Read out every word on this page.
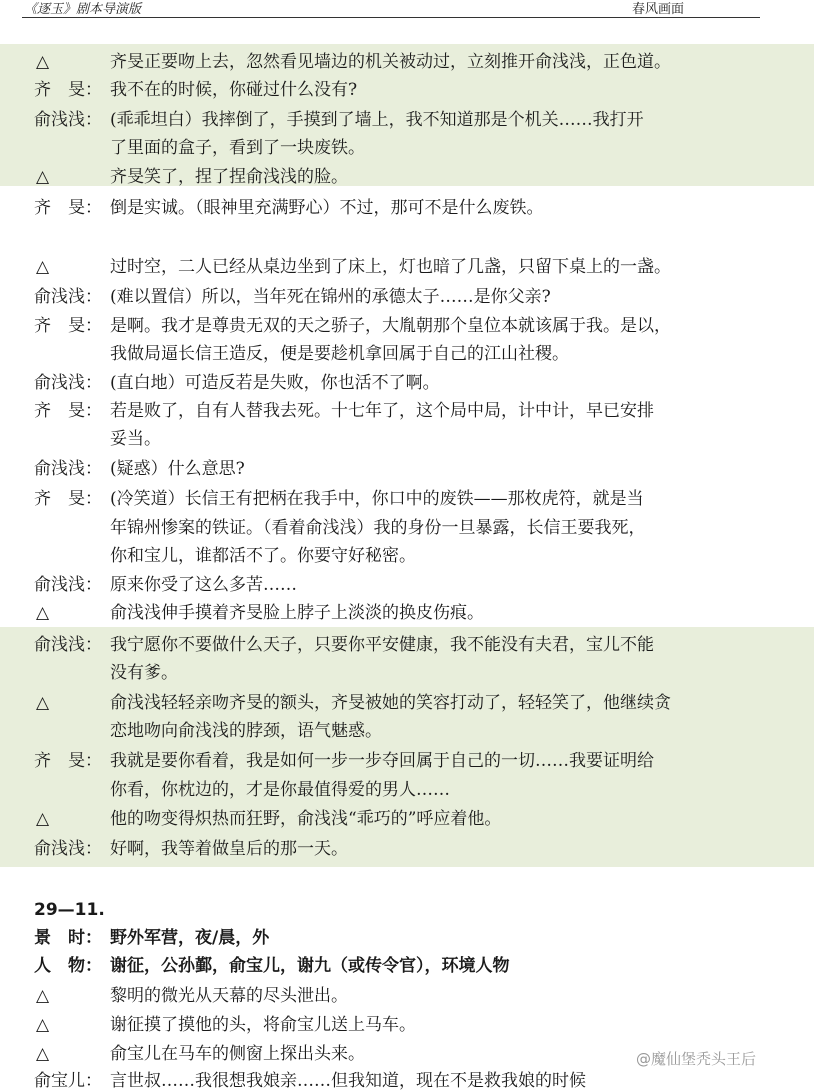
《逐玉》剧本导演版	春风画面
△	齐旻正要吻上去，忽然看见墙边的机关被动过，立刻推开俞浅浅，正色道。
齐　旻： 我不在的时候，你碰过什么没有?
俞浅浅： (乖乖坦白）我摔倒了，手摸到了墙上，我不知道那是个机关……我打开
了里面的盒子，看到了一块废铁。
△	齐旻笑了，捏了捏俞浅浅的脸。
齐　旻： 倒是实诚。（眼神里充满野心）不过，那可不是什么废铁。
△	过时空，二人已经从桌边坐到了床上，灯也暗了几盏，只留下桌上的一盏。
俞浅浅： (难以置信）所以，当年死在锦州的承德太子……是你父亲?
齐　旻： 是啊。我才是尊贵无双的天之骄子，大胤朝那个皇位本就该属于我。是以，
我做局逼长信王造反，便是要趁机拿回属于自己的江山社稷。
俞浅浅： (直白地）可造反若是失败，你也活不了啊。
齐　旻： 若是败了，自有人替我去死。十七年了，这个局中局，计中计，早已安排
妥当。
俞浅浅： (疑惑）什么意思?
齐　旻： (冷笑道）长信王有把柄在我手中，你口中的废铁——那枚虎符，就是当
年锦州惨案的铁证。（看着俞浅浅）我的身份一旦暴露，长信王要我死，
你和宝儿，谁都活不了。你要守好秘密。
俞浅浅： 原来你受了这么多苦……
△	俞浅浅伸手摸着齐旻脸上脖子上淡淡的换皮伤痕。
俞浅浅： 我宁愿你不要做什么天子，只要你平安健康，我不能没有夫君，宝儿不能
没有爹。
△	俞浅浅轻轻亲吻齐旻的额头，齐旻被她的笑容打动了，轻轻笑了，他继续贪
恋地吻向俞浅浅的脖颈，语气魅惑。
齐　旻： 我就是要你看着，我是如何一步一步夺回属于自己的一切……我要证明给
你看，你枕边的，才是你最值得爱的男人……
△	他的吻变得炽热而狂野，俞浅浅“乖巧的”呼应着他。
俞浅浅： 好啊，我等着做皇后的那一天。
29—11.
景　时： 野外军营，夜/晨，外
人　物： 谢征，公孙鄞，俞宝儿，谢九（或传令官），环境人物
△	黎明的微光从天幕的尽头泄出。
△	谢征摸了摸他的头，将俞宝儿送上马车。
△	俞宝儿在马车的侧窗上探出头来。
俞宝儿： 言世叔……我很想我娘亲……但我知道，现在不是救我娘的时候
@魔仙堡秃头王后
